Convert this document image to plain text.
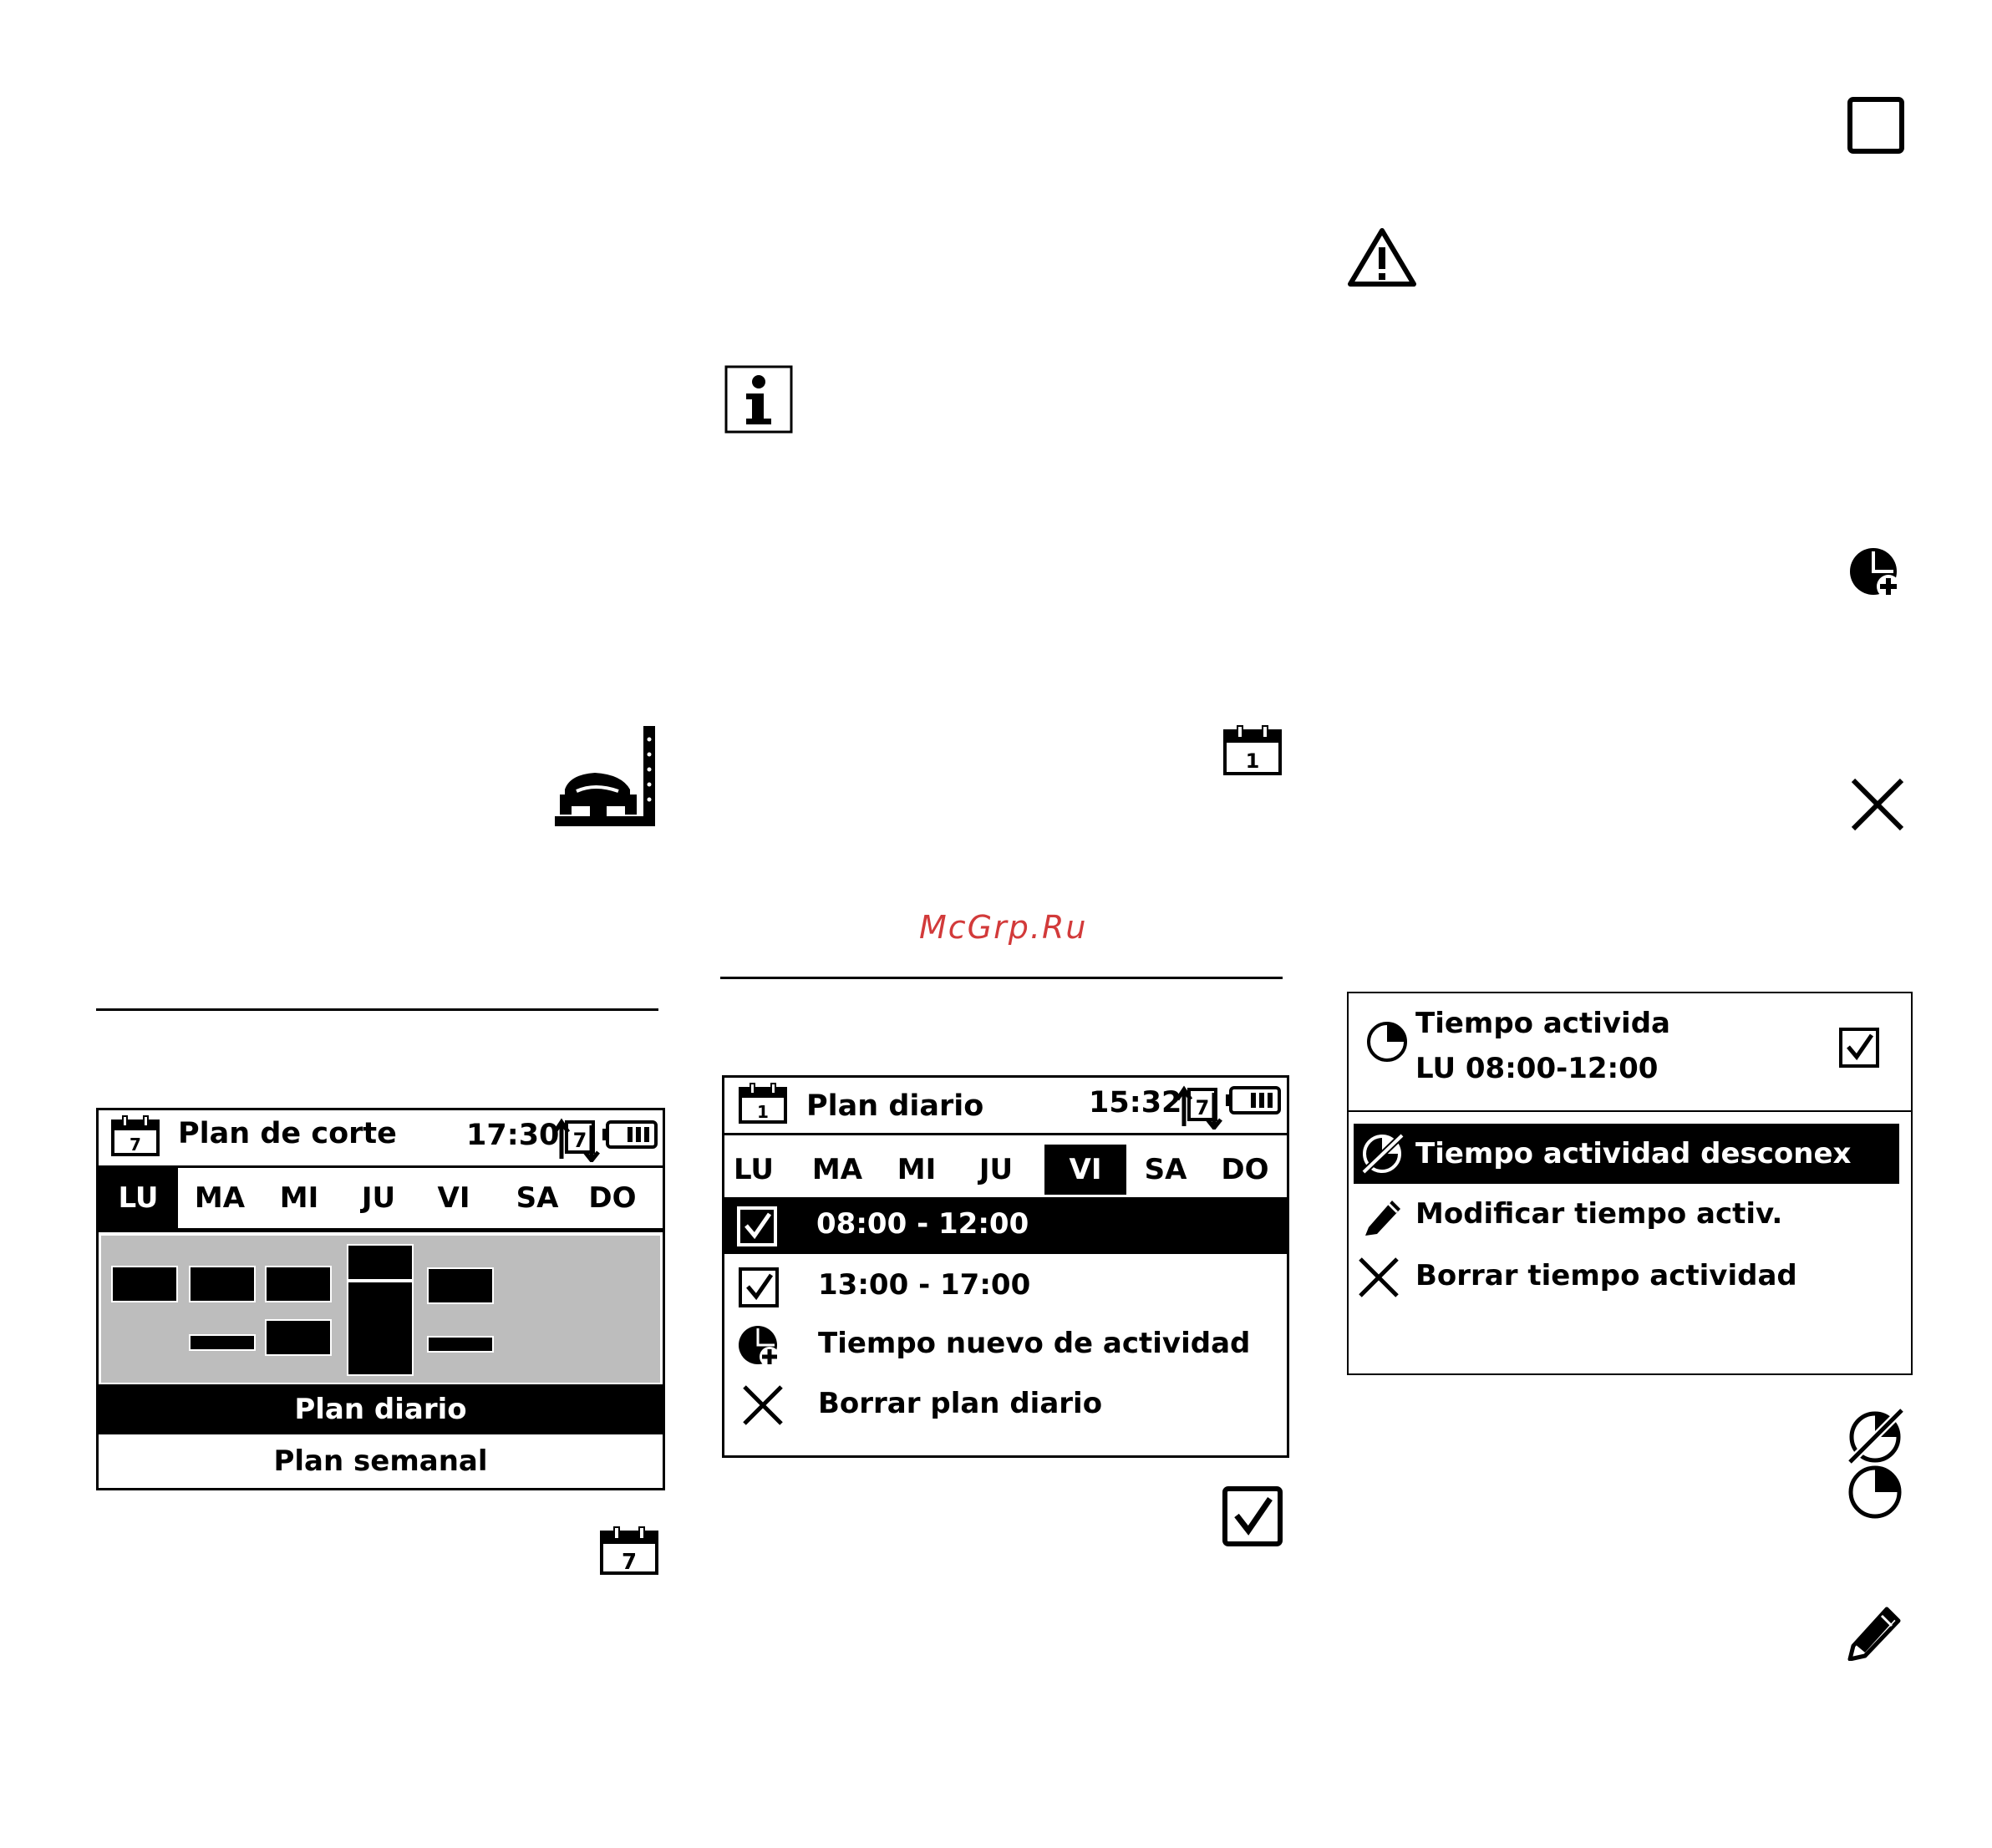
1
McGrp.Ru
7 Plan de corte 17:30 7
LU	MA	MI	JU	VI	SA	DO
Plan diario
Plan semanal
7
1 Plan diario	15:32 7
LU	MA	MI	JU	VI	SA	DO
08:00 - 12:00
13:00 - 17:00
Tiempo nuevo de actividad
Borrar plan diario
Tiempo activida
LU 08:00-12:00
Tiempo actividad desconex
Modificar tiempo activ.
Borrar tiempo actividad
